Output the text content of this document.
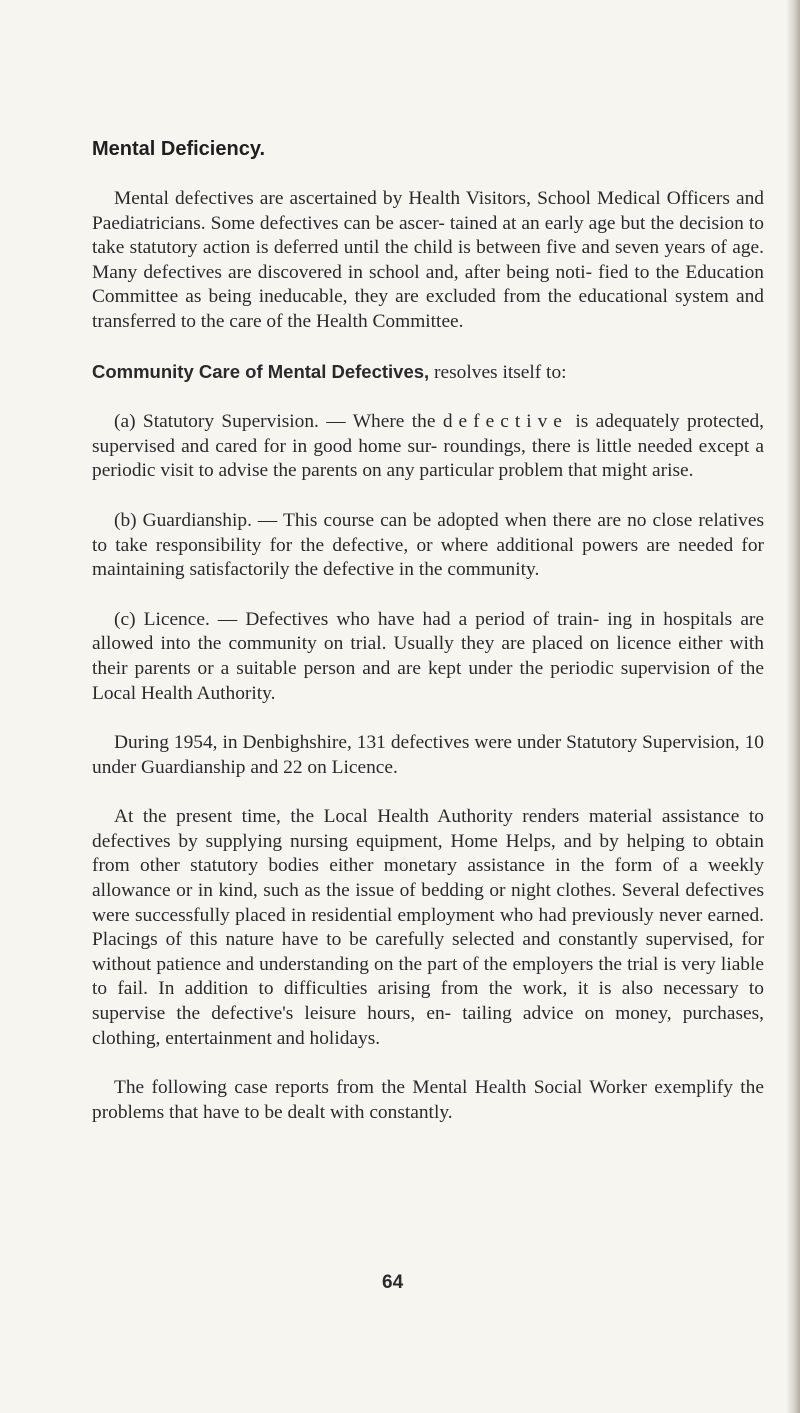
Mental Deficiency.

Mental defectives are ascertained by Health Visitors, School Medical Officers and Paediatricians. Some defectives can be ascer- tained at an early age but the decision to take statutory action is deferred until the child is between five and seven years of age. Many defectives are discovered in school and, after being noti- fied to the Education Committee as being ineducable, they are excluded from the educational system and transferred to the care of the Health Committee.

Community Care of Mental Defectives, resolves itself to:

(a) Statutory Supervision. — Where the defective is adequately protected, supervised and cared for in good home sur- roundings, there is little needed except a periodic visit to advise the parents on any particular problem that might arise.

(b) Guardianship. — This course can be adopted when there are no close relatives to take responsibility for the defective, or where additional powers are needed for maintaining satisfactorily the defective in the community.

(c) Licence. — Defectives who have had a period of train- ing in hospitals are allowed into the community on trial. Usually they are placed on licence either with their parents or a suitable person and are kept under the periodic supervision of the Local Health Authority.

During 1954, in Denbighshire, 131 defectives were under Statutory Supervision, 10 under Guardianship and 22 on Licence.

At the present time, the Local Health Authority renders material assistance to defectives by supplying nursing equipment, Home Helps, and by helping to obtain from other statutory bodies either monetary assistance in the form of a weekly allowance or in kind, such as the issue of bedding or night clothes. Several defectives were successfully placed in residential employment who had previously never earned. Placings of this nature have to be carefully selected and constantly supervised, for without patience and understanding on the part of the employers the trial is very liable to fail. In addition to difficulties arising from the work, it is also necessary to supervise the defective's leisure hours, en- tailing advice on money, purchases, clothing, entertainment and holidays.

The following case reports from the Mental Health Social Worker exemplify the problems that have to be dealt with constantly.

64
